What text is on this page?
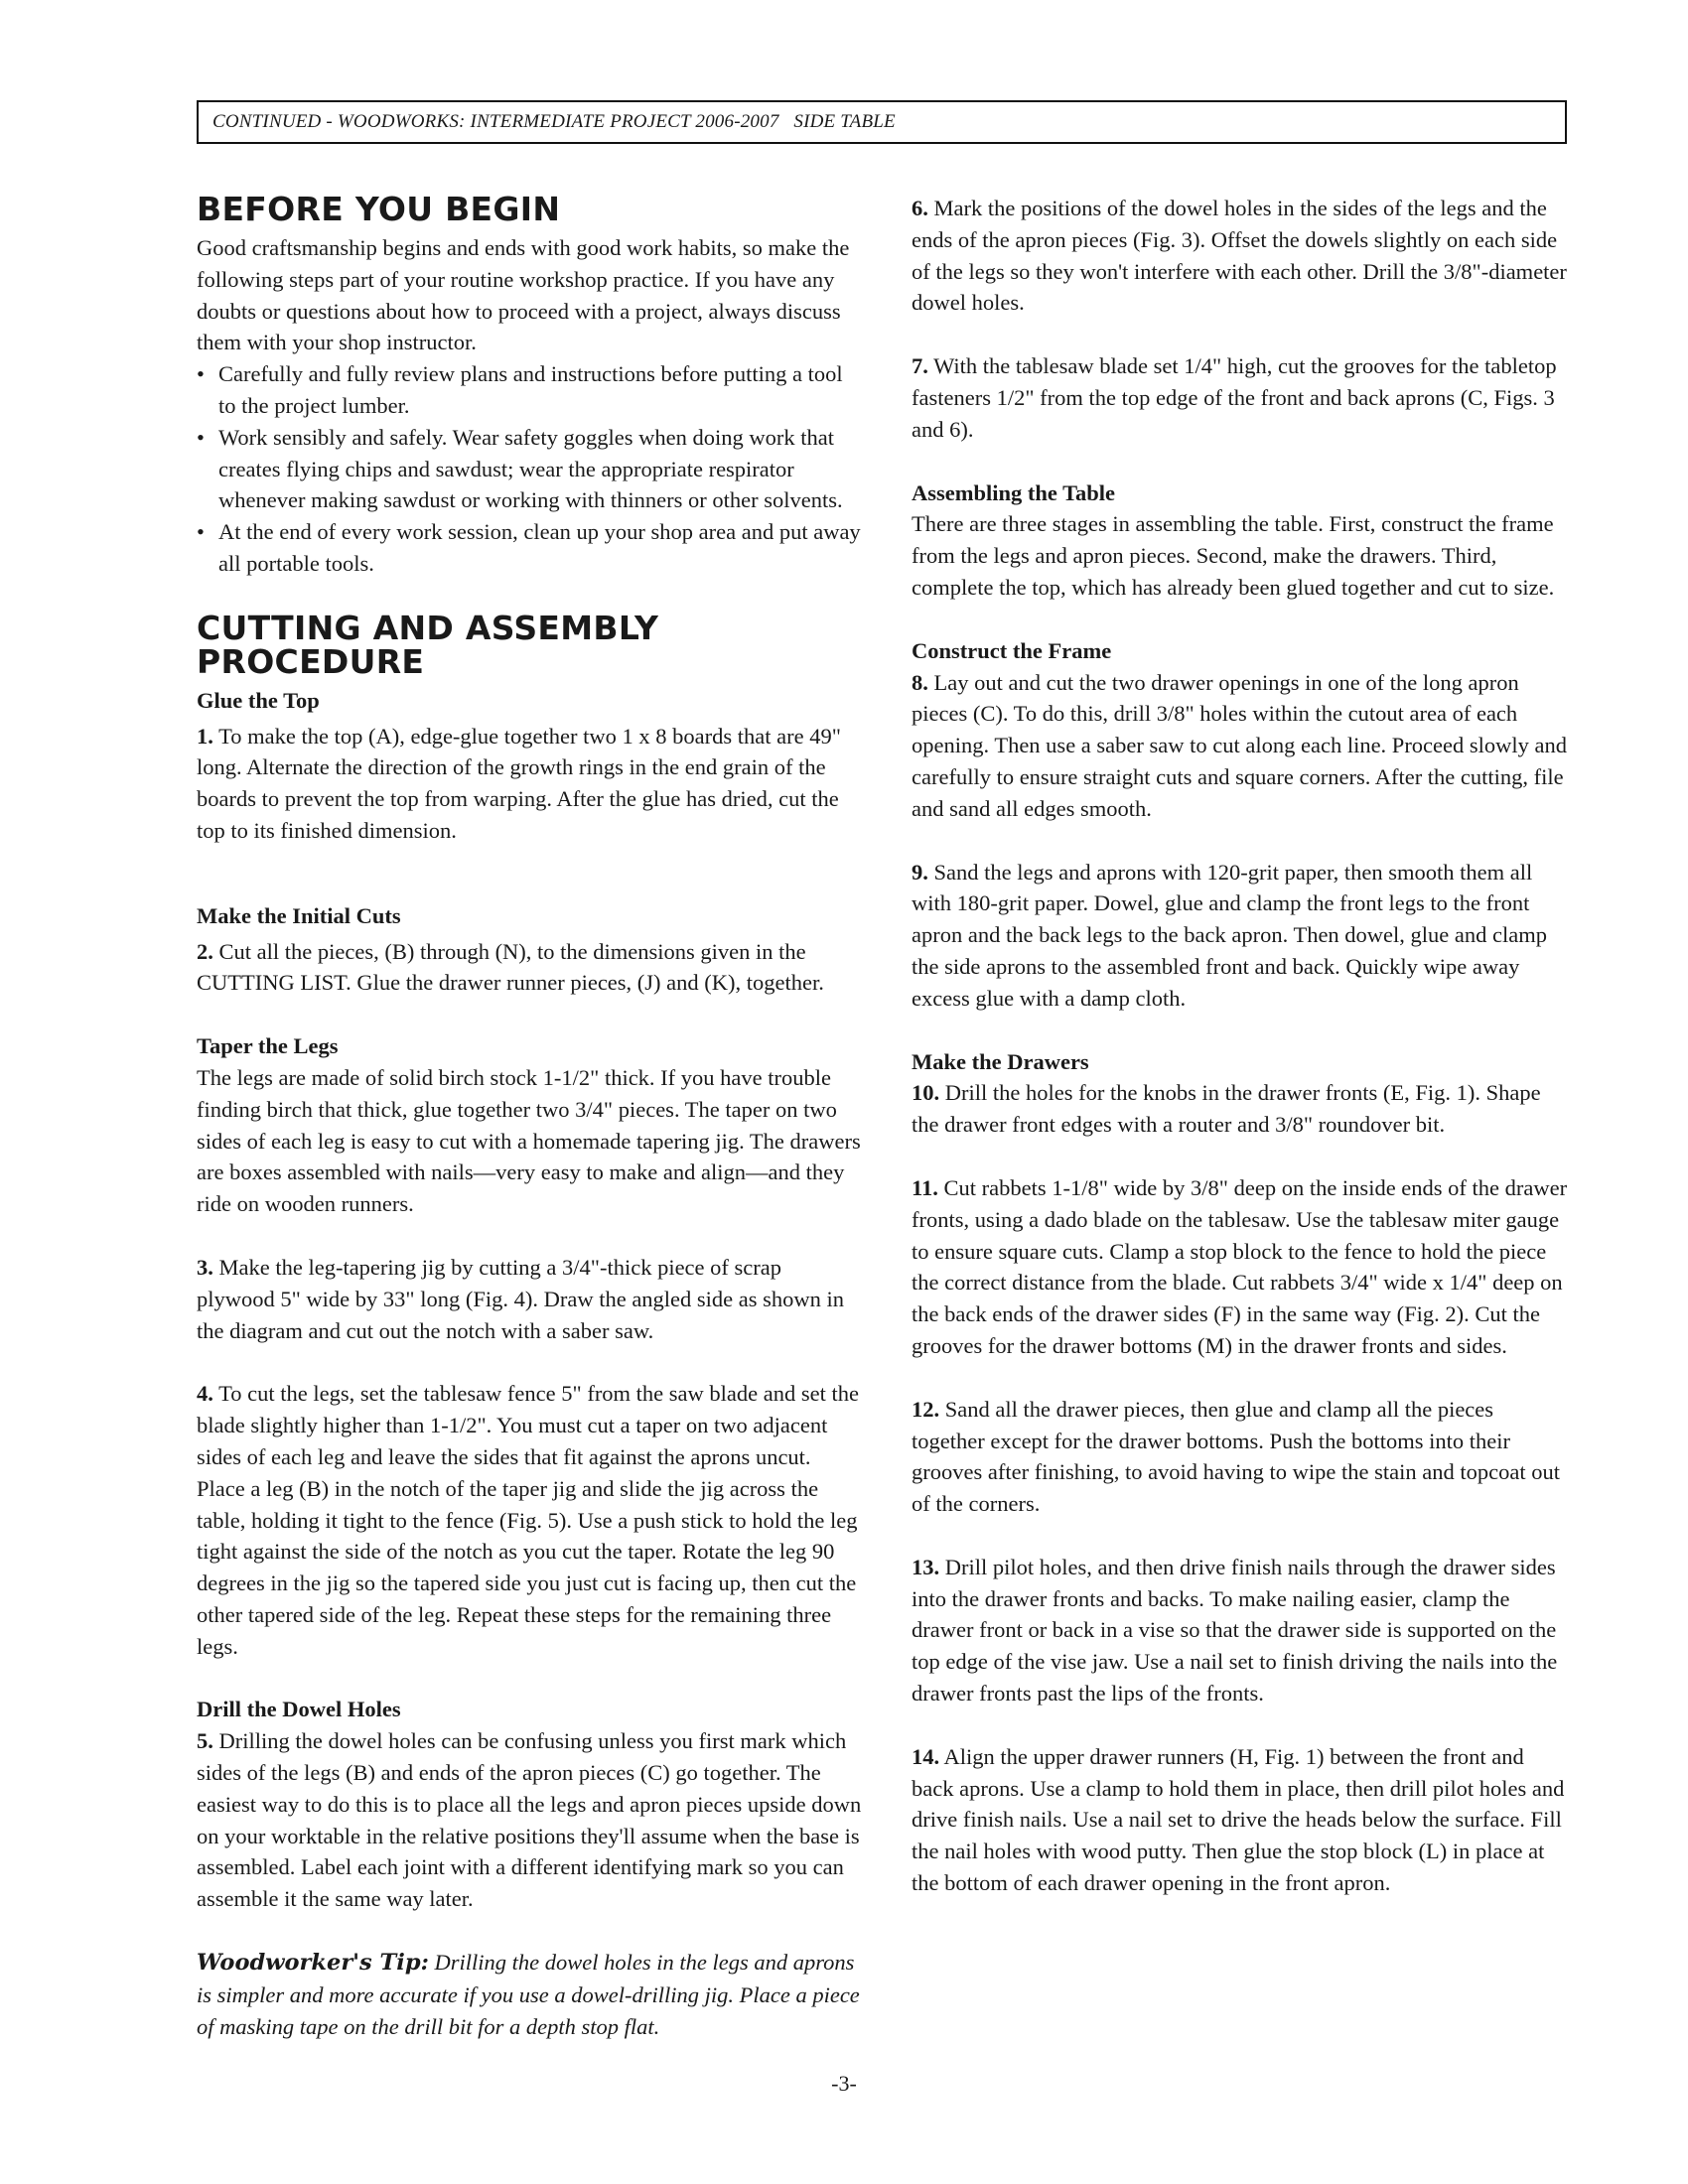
CONTINUED - WOODWORKS: INTERMEDIATE PROJECT 2006-2007   SIDE TABLE
BEFORE YOU BEGIN

Good craftsmanship begins and ends with good work habits, so make the following steps part of your routine workshop practice. If you have any doubts or questions about how to proceed with a project, always discuss them with your shop instructor.

• Carefully and fully review plans and instructions before putting a tool to the project lumber.
• Work sensibly and safely. Wear safety goggles when doing work that creates flying chips and sawdust; wear the appropriate respirator whenever making sawdust or working with thinners or other solvents.
• At the end of every work session, clean up your shop area and put away all portable tools.
CUTTING AND ASSEMBLY PROCEDURE
Glue the Top

1. To make the top (A), edge-glue together two 1 x 8 boards that are 49" long. Alternate the direction of the growth rings in the end grain of the boards to prevent the top from warping. After the glue has dried, cut the top to its finished dimension.

Make the Initial Cuts

2. Cut all the pieces, (B) through (N), to the dimensions given in the CUTTING LIST. Glue the drawer runner pieces, (J) and (K), together.

Taper the Legs

The legs are made of solid birch stock 1-1/2" thick. If you have trouble finding birch that thick, glue together two 3/4" pieces. The taper on two sides of each leg is easy to cut with a homemade tapering jig. The drawers are boxes assembled with nails—very easy to make and align—and they ride on wooden runners.

3. Make the leg-tapering jig by cutting a 3/4"-thick piece of scrap plywood 5" wide by 33" long (Fig. 4). Draw the angled side as shown in the diagram and cut out the notch with a saber saw.

4. To cut the legs, set the tablesaw fence 5" from the saw blade and set the blade slightly higher than 1-1/2". You must cut a taper on two adjacent sides of each leg and leave the sides that fit against the aprons uncut. Place a leg (B) in the notch of the taper jig and slide the jig across the table, holding it tight to the fence (Fig. 5). Use a push stick to hold the leg tight against the side of the notch as you cut the taper. Rotate the leg 90 degrees in the jig so the tapered side you just cut is facing up, then cut the other tapered side of the leg. Repeat these steps for the remaining three legs.

Drill the Dowel Holes

5. Drilling the dowel holes can be confusing unless you first mark which sides of the legs (B) and ends of the apron pieces (C) go together. The easiest way to do this is to place all the legs and apron pieces upside down on your worktable in the relative positions they'll assume when the base is assembled. Label each joint with a different identifying mark so you can assemble it the same way later.

Woodworker's Tip: Drilling the dowel holes in the legs and aprons is simpler and more accurate if you use a dowel-drilling jig. Place a piece of masking tape on the drill bit for a depth stop flat.

6. Mark the positions of the dowel holes in the sides of the legs and the ends of the apron pieces (Fig. 3). Offset the dowels slightly on each side of the legs so they won't interfere with each other. Drill the 3/8"-diameter dowel holes.

7. With the tablesaw blade set 1/4" high, cut the grooves for the tabletop fasteners 1/2" from the top edge of the front and back aprons (C, Figs. 3 and 6).

Assembling the Table

There are three stages in assembling the table. First, construct the frame from the legs and apron pieces. Second, make the drawers. Third, complete the top, which has already been glued together and cut to size.

Construct the Frame

8. Lay out and cut the two drawer openings in one of the long apron pieces (C). To do this, drill 3/8" holes within the cutout area of each opening. Then use a saber saw to cut along each line. Proceed slowly and carefully to ensure straight cuts and square corners. After the cutting, file and sand all edges smooth.

9. Sand the legs and aprons with 120-grit paper, then smooth them all with 180-grit paper. Dowel, glue and clamp the front legs to the front apron and the back legs to the back apron. Then dowel, glue and clamp the side aprons to the assembled front and back. Quickly wipe away excess glue with a damp cloth.

Make the Drawers

10. Drill the holes for the knobs in the drawer fronts (E, Fig. 1). Shape the drawer front edges with a router and 3/8" roundover bit.

11. Cut rabbets 1-1/8" wide by 3/8" deep on the inside ends of the drawer fronts, using a dado blade on the tablesaw. Use the tablesaw miter gauge to ensure square cuts. Clamp a stop block to the fence to hold the piece the correct distance from the blade. Cut rabbets 3/4" wide x 1/4" deep on the back ends of the drawer sides (F) in the same way (Fig. 2). Cut the grooves for the drawer bottoms (M) in the drawer fronts and sides.

12. Sand all the drawer pieces, then glue and clamp all the pieces together except for the drawer bottoms. Push the bottoms into their grooves after finishing, to avoid having to wipe the stain and topcoat out of the corners.

13. Drill pilot holes, and then drive finish nails through the drawer sides into the drawer fronts and backs. To make nailing easier, clamp the drawer front or back in a vise so that the drawer side is supported on the top edge of the vise jaw. Use a nail set to finish driving the nails into the drawer fronts past the lips of the fronts.

14. Align the upper drawer runners (H, Fig. 1) between the front and back aprons. Use a clamp to hold them in place, then drill pilot holes and drive finish nails. Use a nail set to drive the heads below the surface. Fill the nail holes with wood putty. Then glue the stop block (L) in place at the bottom of each drawer opening in the front apron.

-3-
